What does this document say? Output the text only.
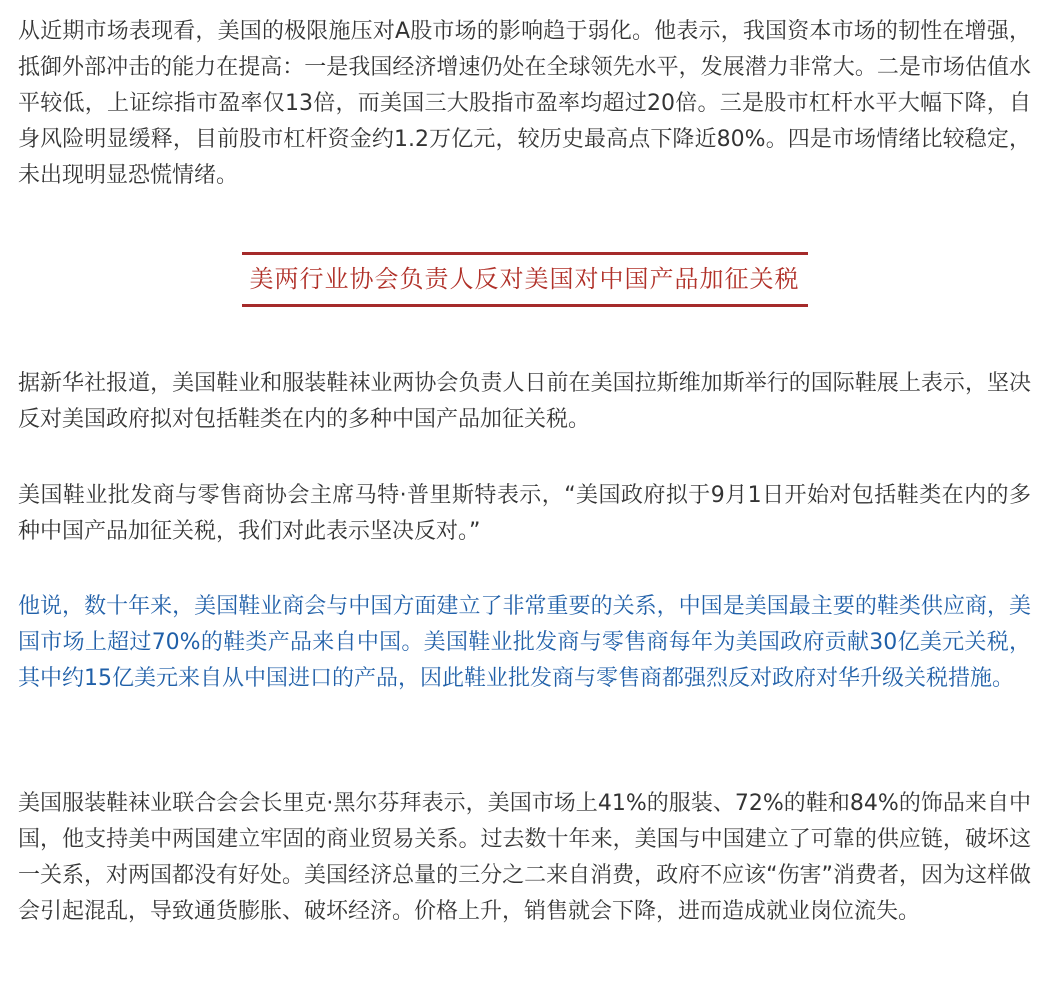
从近期市场表现看，美国的极限施压对A股市场的影响趋于弱化。他表示，我国资本市场的韧性在增强，抵御外部冲击的能力在提高：一是我国经济增速仍处在全球领先水平，发展潜力非常大。二是市场估值水平较低，上证综指市盈率仅13倍，而美国三大股指市盈率均超过20倍。三是股市杠杆水平大幅下降，自身风险明显缓释，目前股市杠杆资金约1.2万亿元，较历史最高点下降近80%。四是市场情绪比较稳定，未出现明显恐慌情绪。

美两行业协会负责人反对美国对中国产品加征关税

据新华社报道，美国鞋业和服装鞋袜业两协会负责人日前在美国拉斯维加斯举行的国际鞋展上表示，坚决反对美国政府拟对包括鞋类在内的多种中国产品加征关税。

美国鞋业批发商与零售商协会主席马特·普里斯特表示，“美国政府拟于9月1日开始对包括鞋类在内的多种中国产品加征关税，我们对此表示坚决反对。”

他说，数十年来，美国鞋业商会与中国方面建立了非常重要的关系，中国是美国最主要的鞋类供应商，美国市场上超过70%的鞋类产品来自中国。美国鞋业批发商与零售商每年为美国政府贡献30亿美元关税，其中约15亿美元来自从中国进口的产品，因此鞋业批发商与零售商都强烈反对政府对华升级关税措施。

美国服装鞋袜业联合会会长里克·黑尔芬拜表示，美国市场上41%的服装、72%的鞋和84%的饰品来自中国，他支持美中两国建立牢固的商业贸易关系。过去数十年来，美国与中国建立了可靠的供应链，破坏这一关系，对两国都没有好处。美国经济总量的三分之二来自消费，政府不应该“伤害”消费者，因为这样做会引起混乱，导致通货膨胀、破坏经济。价格上升，销售就会下降，进而造成就业岗位流失。
